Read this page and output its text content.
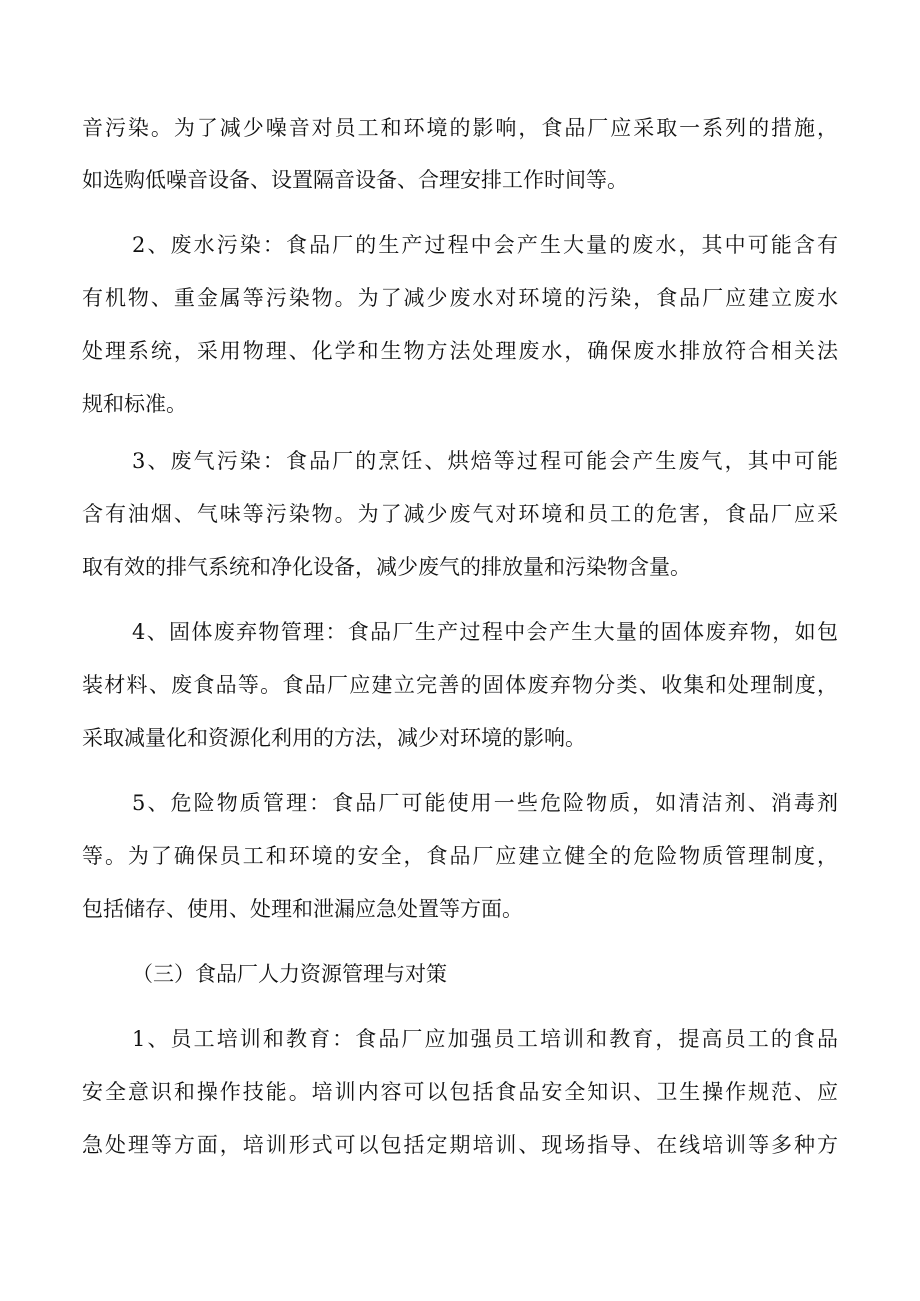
音污染。为了减少噪音对员工和环境的影响，食品厂应采取一系列的措施，
如选购低噪音设备、设置隔音设备、合理安排工作时间等。
2、废水污染：食品厂的生产过程中会产生大量的废水，其中可能含有
有机物、重金属等污染物。为了减少废水对环境的污染，食品厂应建立废水
处理系统，采用物理、化学和生物方法处理废水，确保废水排放符合相关法
规和标准。
3、废气污染：食品厂的烹饪、烘焙等过程可能会产生废气，其中可能
含有油烟、气味等污染物。为了减少废气对环境和员工的危害，食品厂应采
取有效的排气系统和净化设备，减少废气的排放量和污染物含量。
4、固体废弃物管理：食品厂生产过程中会产生大量的固体废弃物，如包
装材料、废食品等。食品厂应建立完善的固体废弃物分类、收集和处理制度，
采取减量化和资源化利用的方法，减少对环境的影响。
5、危险物质管理：食品厂可能使用一些危险物质，如清洁剂、消毒剂
等。为了确保员工和环境的安全，食品厂应建立健全的危险物质管理制度，
包括储存、使用、处理和泄漏应急处置等方面。
（三）食品厂人力资源管理与对策
1、员工培训和教育：食品厂应加强员工培训和教育，提高员工的食品
安全意识和操作技能。培训内容可以包括食品安全知识、卫生操作规范、应
急处理等方面，培训形式可以包括定期培训、现场指导、在线培训等多种方
